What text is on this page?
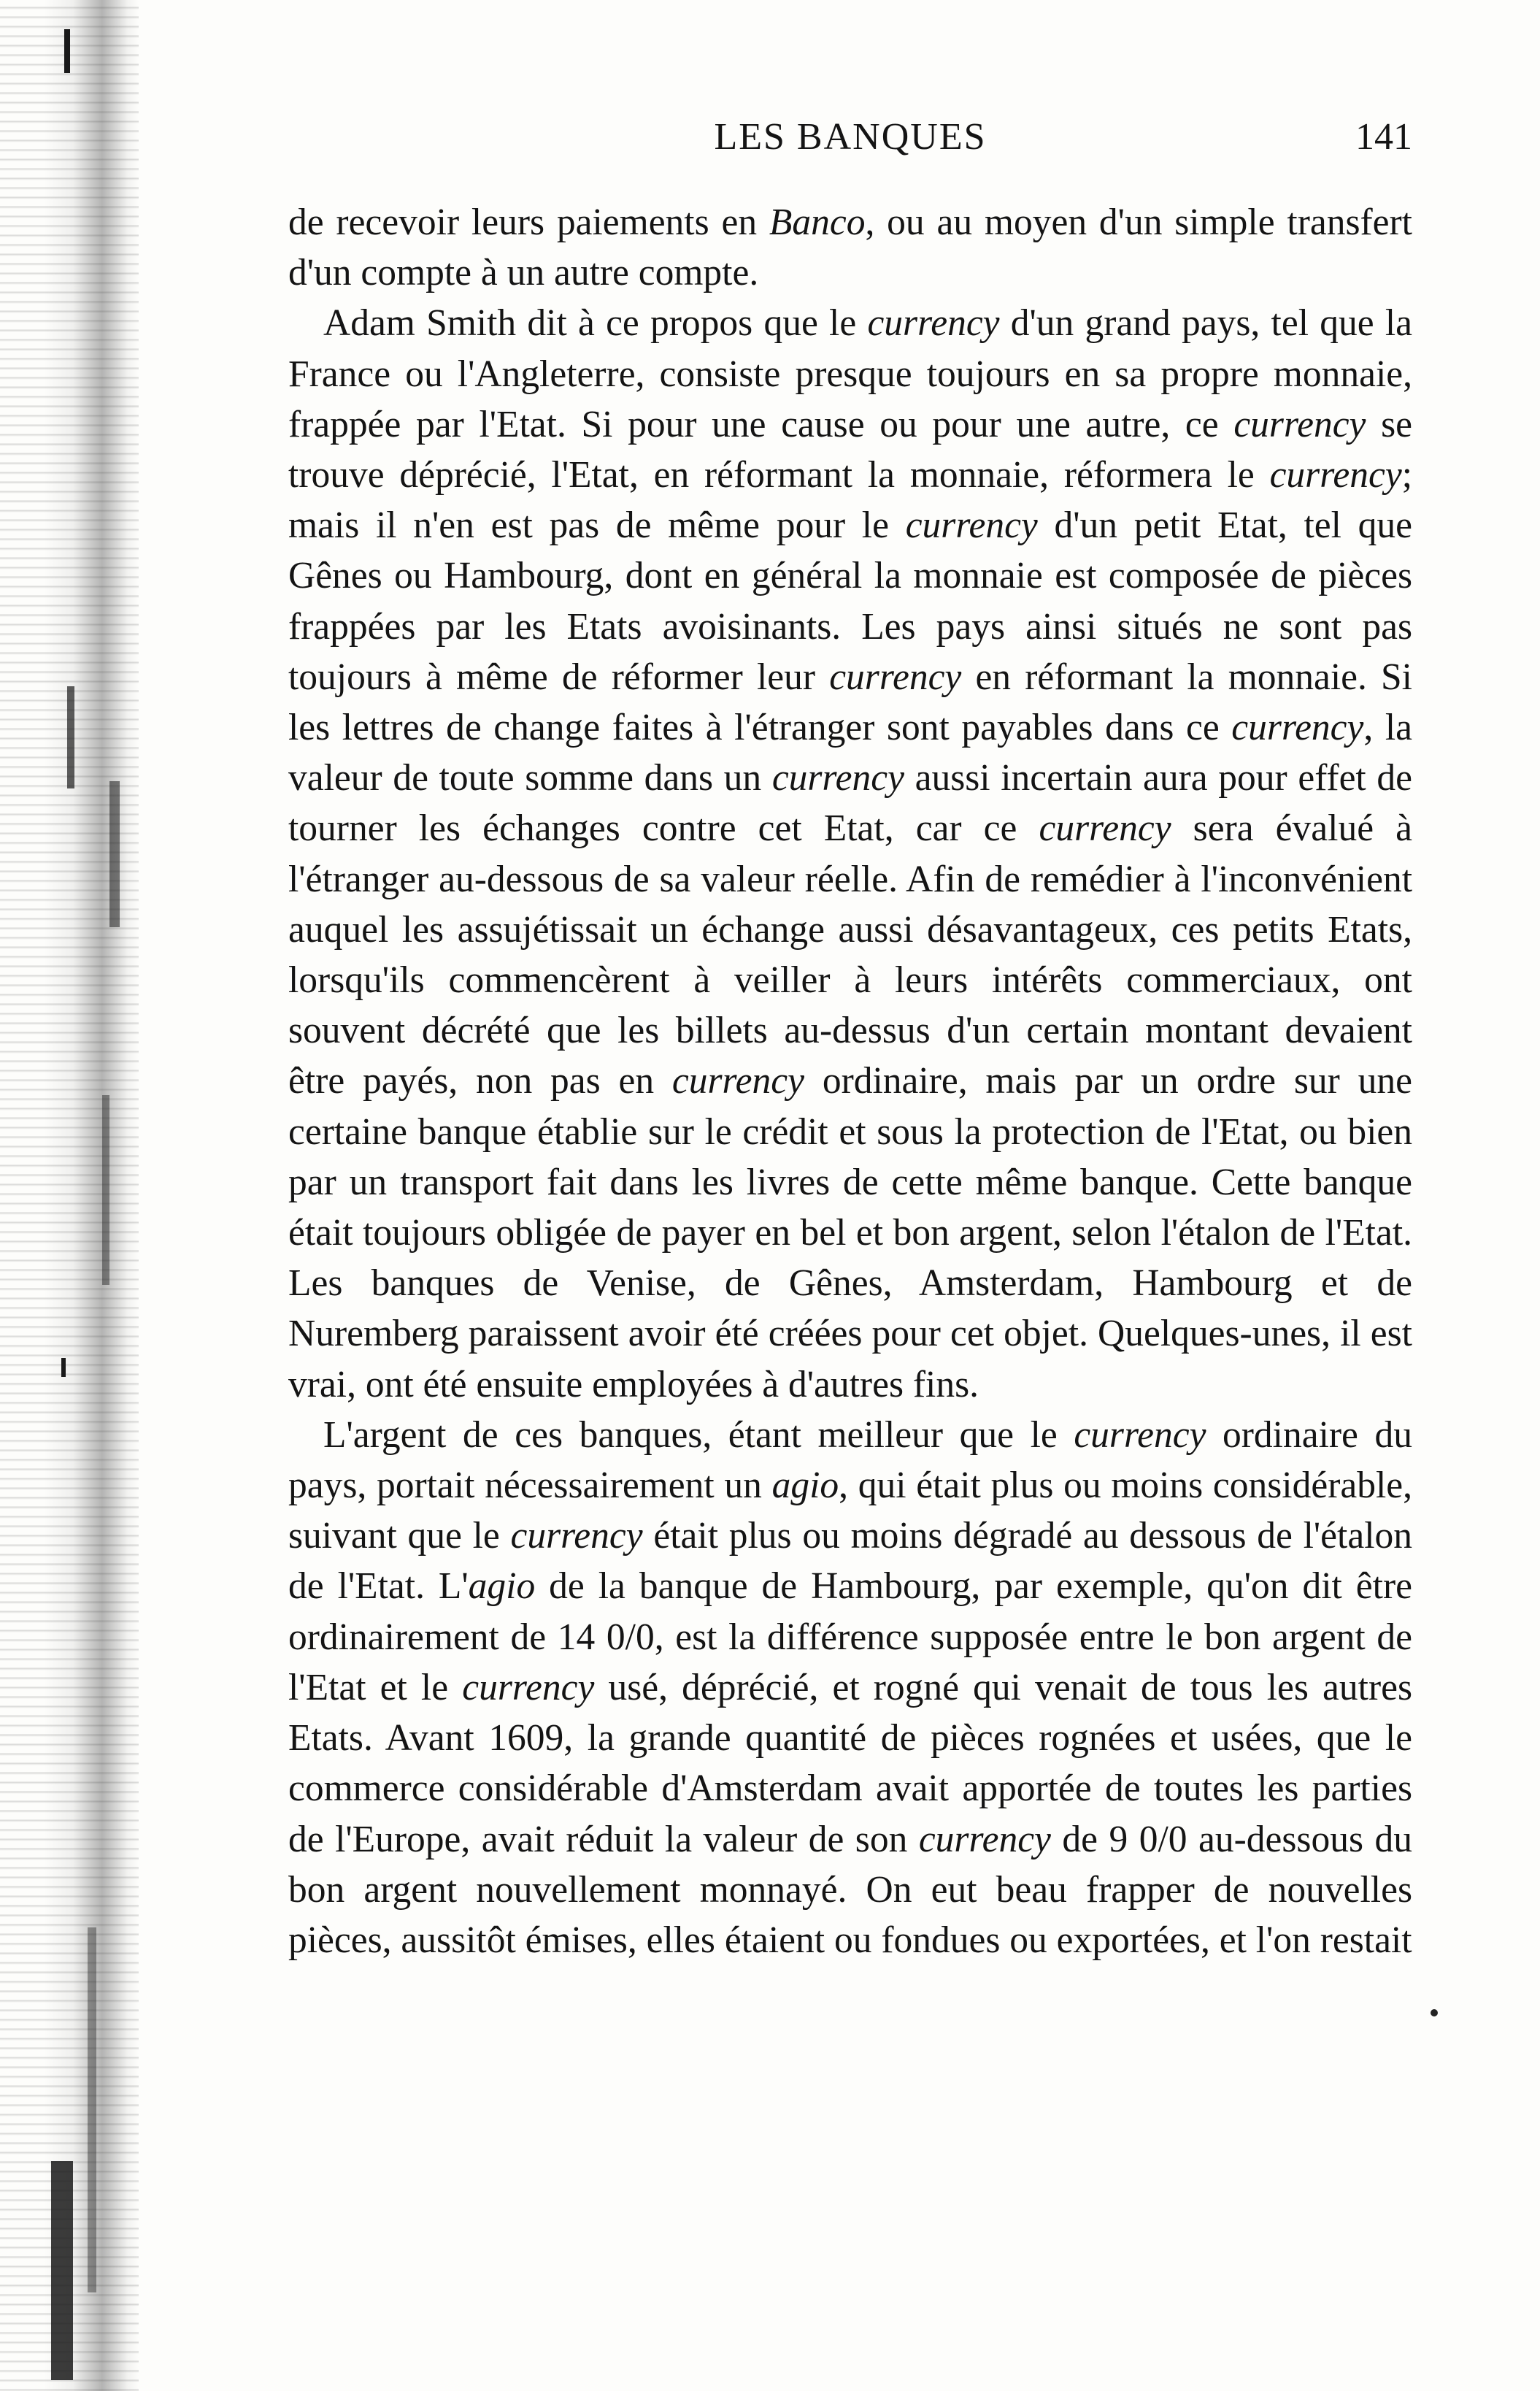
LES BANQUES	141

de recevoir leurs paiements en Banco, ou au moyen d'un simple transfert d'un compte à un autre compte.

Adam Smith dit à ce propos que le currency d'un grand pays, tel que la France ou l'Angleterre, consiste presque toujours en sa propre monnaie, frappée par l'Etat. Si pour une cause ou pour une autre, ce currency se trouve déprécié, l'Etat, en réformant la monnaie, réformera le currency; mais il n'en est pas de même pour le currency d'un petit Etat, tel que Gênes ou Hambourg, dont en général la monnaie est composée de pièces frappées par les Etats avoisinants. Les pays ainsi situés ne sont pas toujours à même de réformer leur currency en réformant la monnaie. Si les lettres de change faites à l'étranger sont payables dans ce currency, la valeur de toute somme dans un currency aussi incertain aura pour effet de tourner les échanges contre cet Etat, car ce currency sera évalué à l'étranger au-dessous de sa valeur réelle. Afin de remédier à l'inconvénient auquel les assujétissait un échange aussi désavantageux, ces petits Etats, lorsqu'ils commencèrent à veiller à leurs intérêts commerciaux, ont souvent décrété que les billets au-dessus d'un certain montant devaient être payés, non pas en currency ordinaire, mais par un ordre sur une certaine banque établie sur le crédit et sous la protection de l'Etat, ou bien par un transport fait dans les livres de cette même banque. Cette banque était toujours obligée de payer en bel et bon argent, selon l'étalon de l'Etat. Les banques de Venise, de Gênes, Amsterdam, Hambourg et de Nuremberg paraissent avoir été créées pour cet objet. Quelques-unes, il est vrai, ont été ensuite employées à d'autres fins.

L'argent de ces banques, étant meilleur que le currency ordinaire du pays, portait nécessairement un agio, qui était plus ou moins considérable, suivant que le currency était plus ou moins dégradé au dessous de l'étalon de l'Etat. L'agio de la banque de Hambourg, par exemple, qu'on dit être ordinairement de 14 0/0, est la différence supposée entre le bon argent de l'Etat et le currency usé, déprécié, et rogné qui venait de tous les autres Etats. Avant 1609, la grande quantité de pièces rognées et usées, que le commerce considérable d'Amsterdam avait apportée de toutes les parties de l'Europe, avait réduit la valeur de son currency de 9 0/0 au-dessous du bon argent nouvellement monnayé. On eut beau frapper de nouvelles pièces, aussitôt émises, elles étaient ou fondues ou exportées, et l'on restait
